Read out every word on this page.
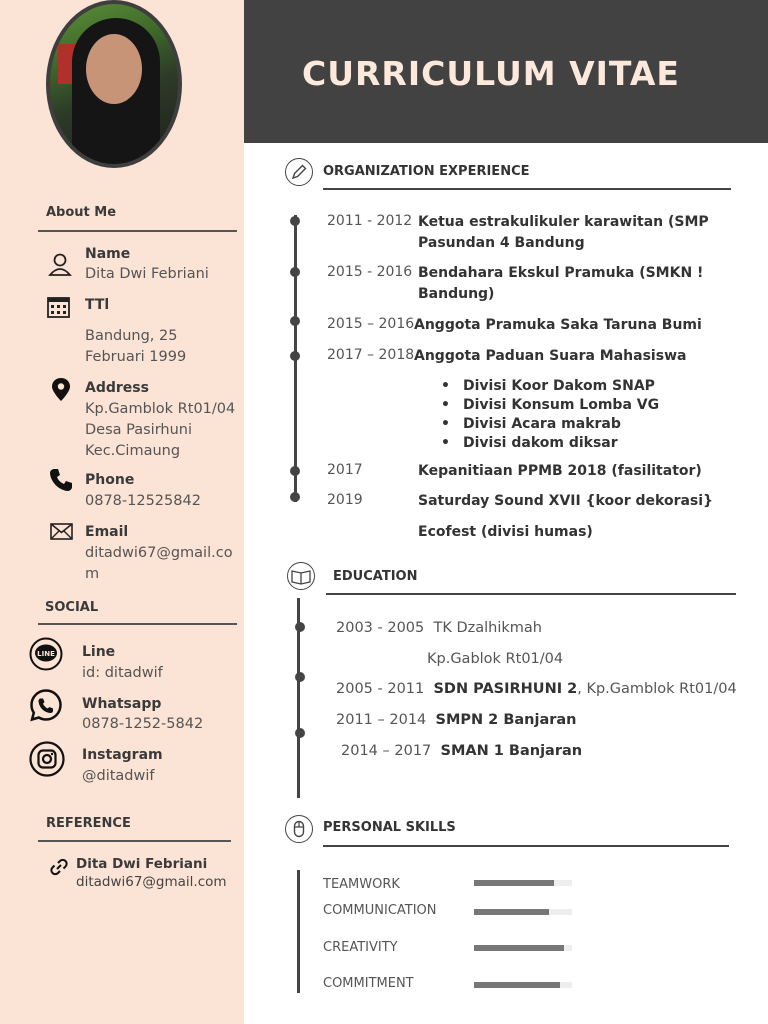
About Me
Name
Dita Dwi Febriani
TTl
Bandung, 25
Februari 1999
Address
Kp.Gamblok Rt01/04
Desa Pasirhuni
Kec.Cimaung
Phone
0878-12525842
Email
ditadwi67@gmail.co
m
SOCIAL
LINE Line
id: ditadwif
Whatsapp
0878-1252-5842
Instagram
@ditadwif
REFERENCE
Dita Dwi Febriani
ditadwi67@gmail.com
CURRICULUM VITAE
ORGANIZATION EXPERIENCE
2011 - 2012 Ketua estrakulikuler karawitan (SMP
Pasundan 4 Bandung
2015 - 2016 Bendahara Ekskul Pramuka (SMKN !
Bandung)
2015 – 2016 Anggota Pramuka Saka Taruna Bumi
2017 – 2018 Anggota Paduan Suara Mahasiswa
• Divisi Koor Dakom SNAP
• Divisi Konsum Lomba VG
• Divisi Acara makrab
• Divisi dakom diksar
2017	Kepanitiaan PPMB 2018 (fasilitator)
2019	Saturday Sound XVII {koor dekorasi}
Ecofest (divisi humas)
EDUCATION
2003 - 2005 TK Dzalhikmah
Kp.Gablok Rt01/04
2005 - 2011 SDN PASIRHUNI 2, Kp.Gamblok Rt01/04
2011 – 2014 SMPN 2 Banjaran
2014 – 2017 SMAN 1 Banjaran
PERSONAL SKILLS
TEAMWORK
COMMUNICATION
CREATIVITY
COMMITMENT
